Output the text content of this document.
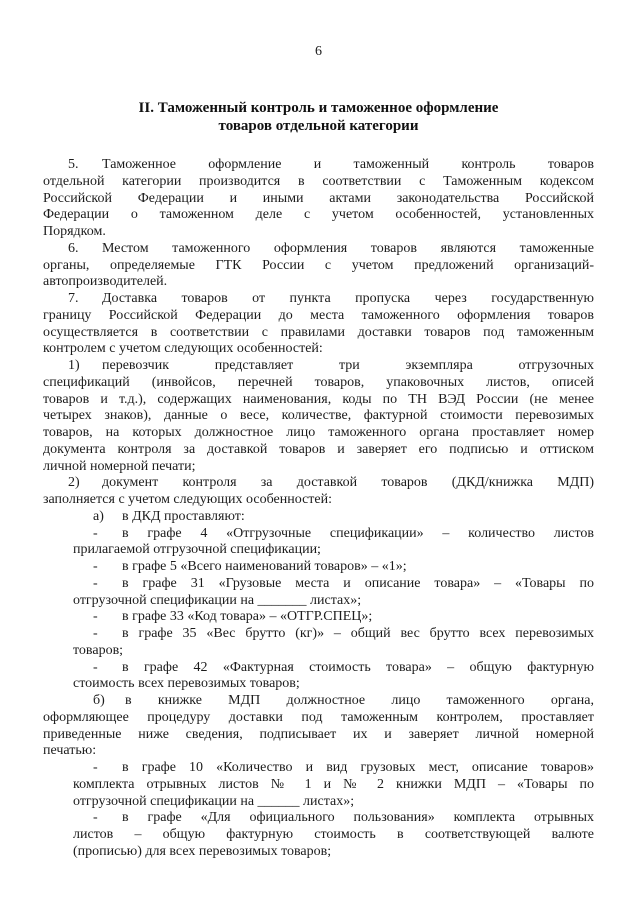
6
II. Таможенный контроль и таможенное оформление
товаров отдельной категории
5. Таможенное оформление и таможенный контроль товаров
отдельной категории производится в соответствии с Таможенным кодексом
Российской Федерации и иными актами законодательства Российской
Федерации о таможенном деле с учетом особенностей, установленных
Порядком.
6. Местом таможенного оформления товаров являются таможенные
органы, определяемые ГТК России с учетом предложений организаций-
автопроизводителей.
7. Доставка товаров от пункта пропуска через государственную
границу Российской Федерации до места таможенного оформления товаров
осуществляется в соответствии с правилами доставки товаров под таможенным
контролем с учетом следующих особенностей:
1) перевозчик представляет три экземпляра отгрузочных
спецификаций (инвойсов, перечней товаров, упаковочных листов, описей
товаров и т.д.), содержащих наименования, коды по ТН ВЭД России (не менее
четырех знаков), данные о весе, количестве, фактурной стоимости перевозимых
товаров, на которых должностное лицо таможенного органа проставляет номер
документа контроля за доставкой товаров и заверяет его подписью и оттиском
личной номерной печати;
2) документ контроля за доставкой товаров (ДКД/книжка МДП)
заполняется с учетом следующих особенностей:
а) в ДКД проставляют:
- в графе 4 «Отгрузочные спецификации» – количество листов
прилагаемой отгрузочной спецификации;
- в графе 5 «Всего наименований товаров» – «1»;
- в графе 31 «Грузовые места и описание товара» – «Товары по
отгрузочной спецификации на _______ листах»;
- в графе 33 «Код товара» – «ОТГР.СПЕЦ»;
- в графе 35 «Вес брутто (кг)» – общий вес брутто всех перевозимых
товаров;
- в графе 42 «Фактурная стоимость товара» – общую фактурную
стоимость всех перевозимых товаров;
б) в книжке МДП должностное лицо таможенного органа,
оформляющее процедуру доставки под таможенным контролем, проставляет
приведенные ниже сведения, подписывает их и заверяет личной номерной
печатью:
- в графе 10 «Количество и вид грузовых мест, описание товаров»
комплекта отрывных листов № 1 и № 2 книжки МДП – «Товары по
отгрузочной спецификации на ______ листах»;
- в графе «Для официального пользования» комплекта отрывных
листов – общую фактурную стоимость в соответствующей валюте
(прописью) для всех перевозимых товаров;
